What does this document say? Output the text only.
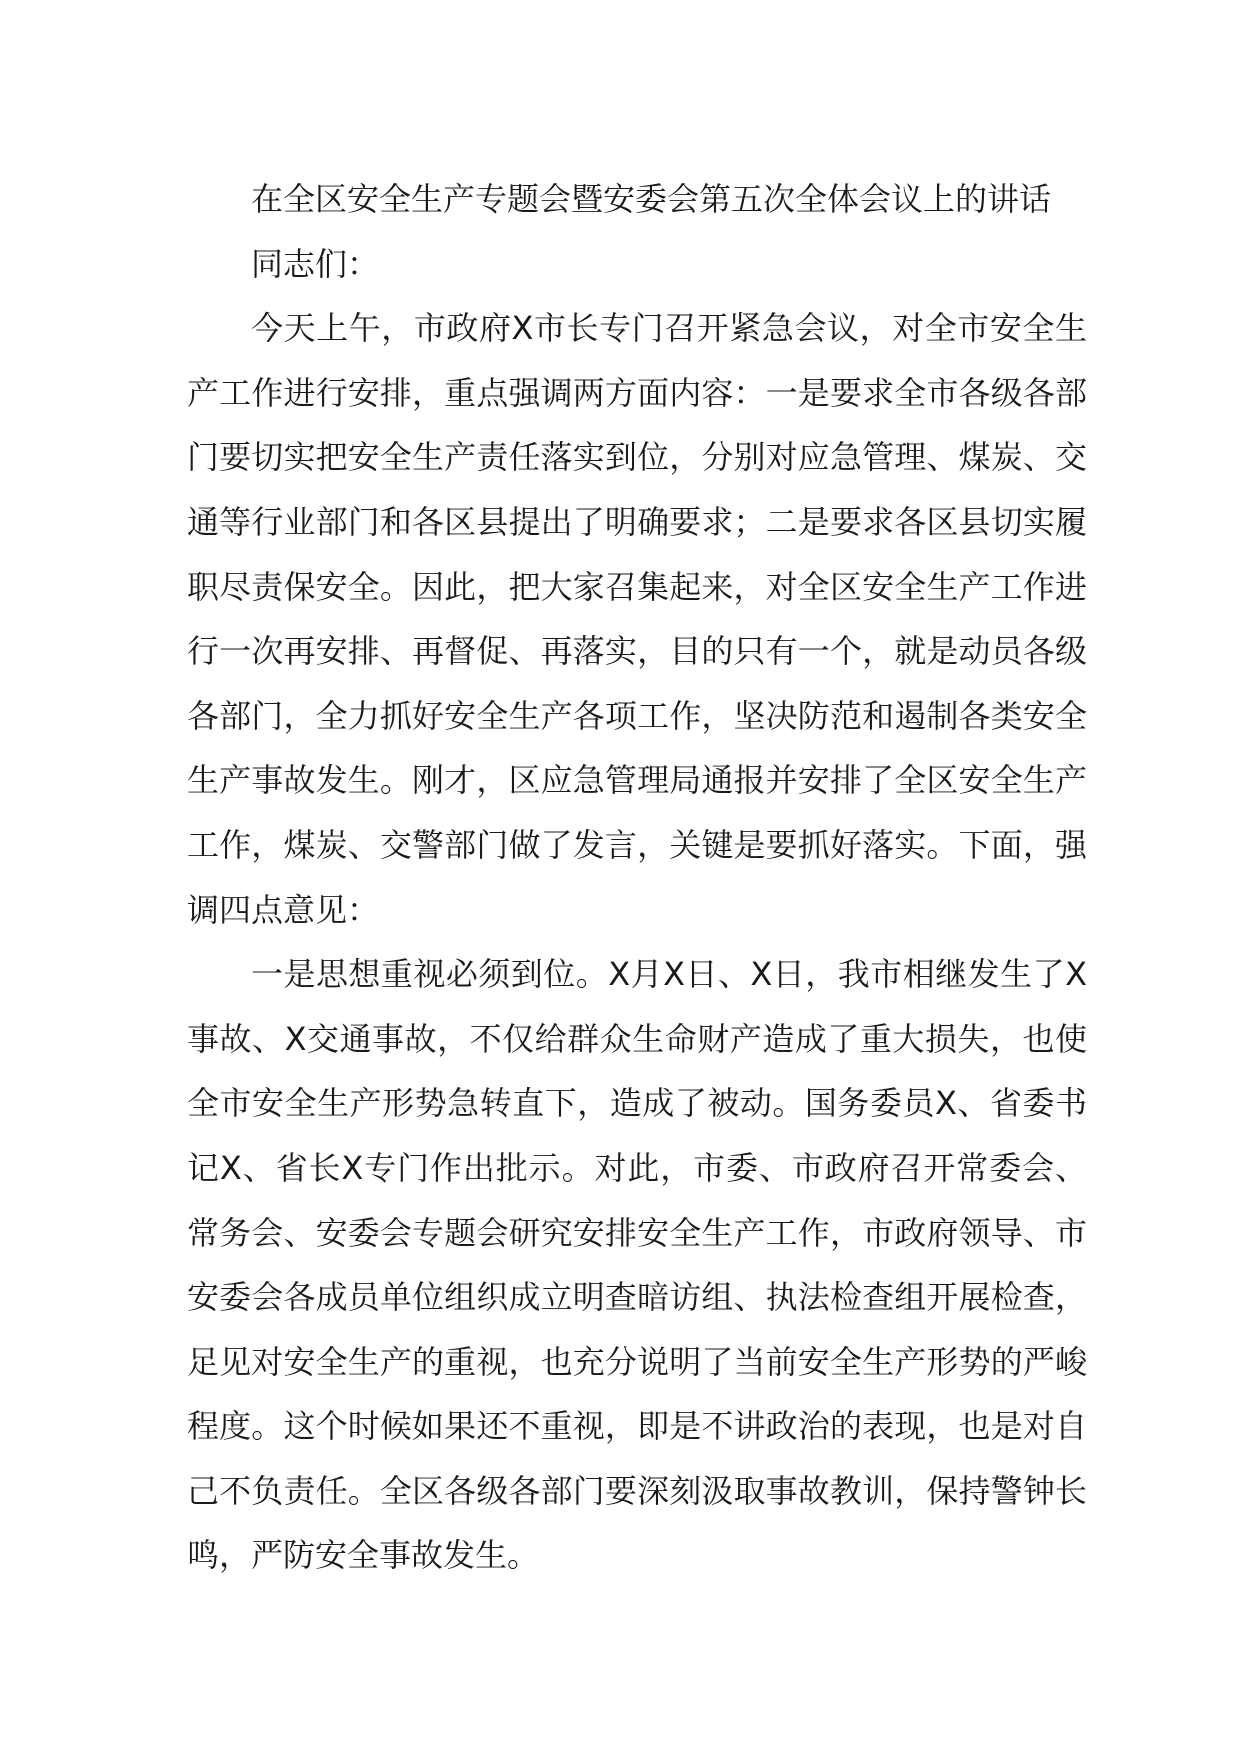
在全区安全生产专题会暨安委会第五次全体会议上的讲话

同志们：

今天上午，市政府X市长专门召开紧急会议，对全市安全生产工作进行安排，重点强调两方面内容：一是要求全市各级各部门要切实把安全生产责任落实到位，分别对应急管理、煤炭、交通等行业部门和各区县提出了明确要求；二是要求各区县切实履职尽责保安全。因此，把大家召集起来，对全区安全生产工作进行一次再安排、再督促、再落实，目的只有一个，就是动员各级各部门，全力抓好安全生产各项工作，坚决防范和遏制各类安全生产事故发生。刚才，区应急管理局通报并安排了全区安全生产工作，煤炭、交警部门做了发言，关键是要抓好落实。下面，强调四点意见：

一是思想重视必须到位。X月X日、X日，我市相继发生了X事故、X交通事故，不仅给群众生命财产造成了重大损失，也使全市安全生产形势急转直下，造成了被动。国务委员X、省委书记X、省长X专门作出批示。对此，市委、市政府召开常委会、常务会、安委会专题会研究安排安全生产工作，市政府领导、市安委会各成员单位组织成立明查暗访组、执法检查组开展检查，足见对安全生产的重视，也充分说明了当前安全生产形势的严峻程度。这个时候如果还不重视，即是不讲政治的表现，也是对自己不负责任。全区各级各部门要深刻汲取事故教训，保持警钟长鸣，严防安全事故发生。
